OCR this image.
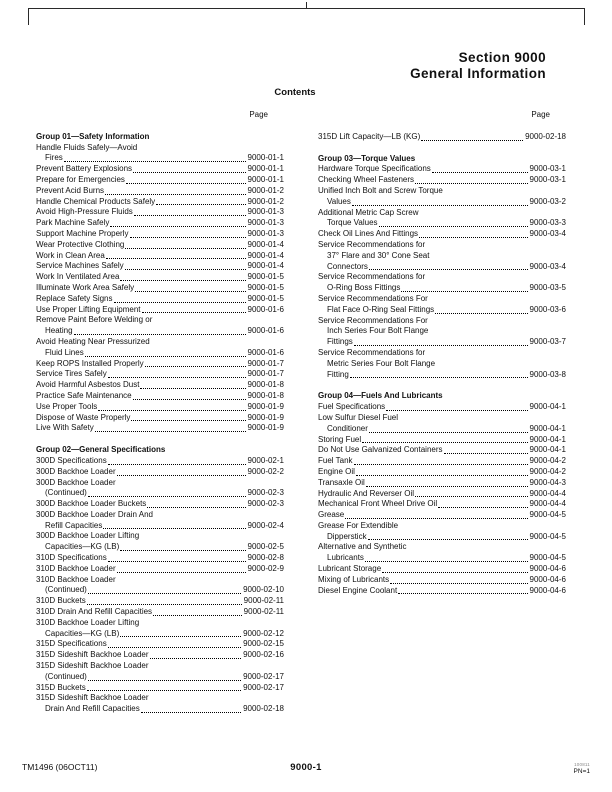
Section 9000
General Information
Contents
Page
Group 01—Safety Information
Handle Fluids Safely—Avoid
Fires	9000-01-1
Prevent Battery Explosions	9000-01-1
Prepare for Emergencies	9000-01-1
Prevent Acid Burns	9000-01-2
Handle Chemical Products Safely	9000-01-2
Avoid High-Pressure Fluids	9000-01-3
Park Machine Safely	9000-01-3
Support Machine Properly	9000-01-3
Wear Protective Clothing	9000-01-4
Work in Clean Area	9000-01-4
Service Machines Safely	9000-01-4
Work In Ventilated Area	9000-01-5
Illuminate Work Area Safely	9000-01-5
Replace Safety Signs	9000-01-5
Use Proper Lifting Equipment	9000-01-6
Remove Paint Before Welding or
Heating	9000-01-6
Avoid Heating Near Pressurized
Fluid Lines	9000-01-6
Keep ROPS Installed Properly	9000-01-7
Service Tires Safely	9000-01-7
Avoid Harmful Asbestos Dust	9000-01-8
Practice Safe Maintenance	9000-01-8
Use Proper Tools	9000-01-9
Dispose of Waste Properly	9000-01-9
Live With Safety	9000-01-9
Group 02—General Specifications
300D Specifications	9000-02-1
300D Backhoe Loader	9000-02-2
300D Backhoe Loader
(Continued)	9000-02-3
300D Backhoe Loader Buckets	9000-02-3
300D Backhoe Loader Drain And
Refill Capacities	9000-02-4
300D Backhoe Loader Lifting
Capacities—KG (LB)	9000-02-5
310D Specifications	9000-02-8
310D Backhoe Loader	9000-02-9
310D Backhoe Loader
(Continued)	9000-02-10
310D Buckets	9000-02-11
310D Drain And Refill Capacities	9000-02-11
310D Backhoe Loader Lifting
Capacities—KG (LB)	9000-02-12
315D Specifications	9000-02-15
315D Sideshift Backhoe Loader	9000-02-16
315D Sideshift Backhoe Loader
(Continued)	9000-02-17
315D Buckets	9000-02-17
315D Sideshift Backhoe Loader
Drain And Refill Capacities	9000-02-18
Page
315D Lift Capacity—LB (KG)	9000-02-18
Group 03—Torque Values
Hardware Torque Specifications	9000-03-1
Checking Wheel Fasteners	9000-03-1
Unified Inch Bolt and Screw Torque
Values	9000-03-2
Additional Metric Cap Screw
Torque Values	9000-03-3
Check Oil Lines And Fittings	9000-03-4
Service Recommendations for
37° Flare and 30° Cone Seat
Connectors	9000-03-4
Service Recommendations for
O-Ring Boss Fittings	9000-03-5
Service Recommendations For
Flat Face O-Ring Seal Fittings	9000-03-6
Service Recommendations For
Inch Series Four Bolt Flange
Fittings	9000-03-7
Service Recommendations for
Metric Series Four Bolt Flange
Fitting	9000-03-8
Group 04—Fuels And Lubricants
Fuel Specifications	9000-04-1
Low Sulfur Diesel Fuel
Conditioner	9000-04-1
Storing Fuel	9000-04-1
Do Not Use Galvanized Containers	9000-04-1
Fuel Tank	9000-04-2
Engine Oil	9000-04-2
Transaxle Oil	9000-04-3
Hydraulic And Reverser Oil	9000-04-4
Mechanical Front Wheel Drive Oil	9000-04-4
Grease	9000-04-5
Grease For Extendible
Dipperstick	9000-04-5
Alternative and Synthetic
Lubricants	9000-04-5
Lubricant Storage	9000-04-6
Mixing of Lubricants	9000-04-6
Diesel Engine Coolant	9000-04-6
TM1496 (06OCT11)	9000-1	100811
PN=1
